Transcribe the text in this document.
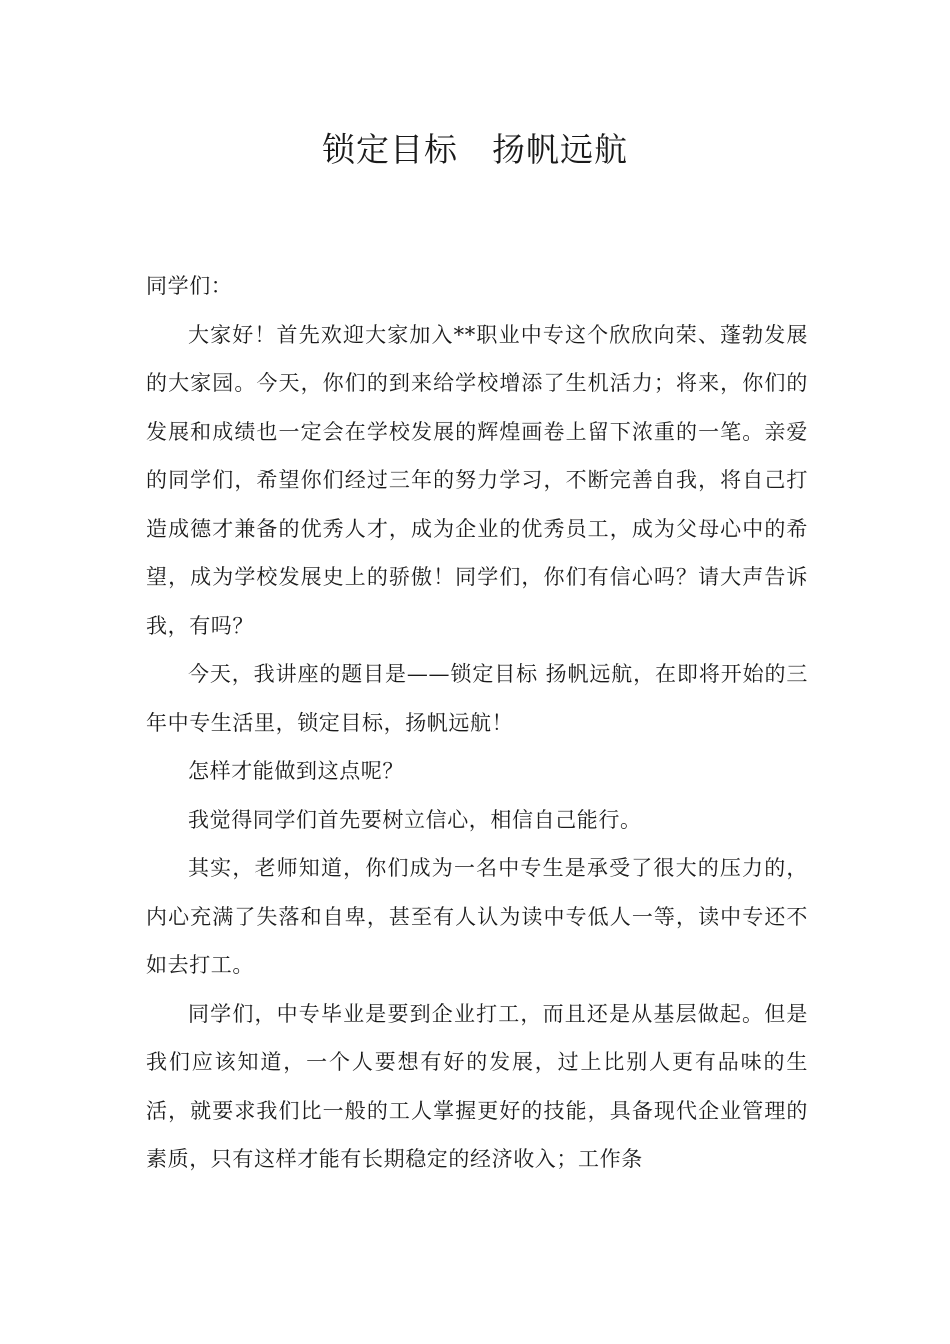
锁定目标　扬帆远航

同学们：

大家好！首先欢迎大家加入**职业中专这个欣欣向荣、蓬勃发展的大家园。今天，你们的到来给学校增添了生机活力；将来，你们的发展和成绩也一定会在学校发展的辉煌画卷上留下浓重的一笔。亲爱的同学们，希望你们经过三年的努力学习，不断完善自我，将自己打造成德才兼备的优秀人才，成为企业的优秀员工，成为父母心中的希望，成为学校发展史上的骄傲！同学们，你们有信心吗？请大声告诉我，有吗？

今天，我讲座的题目是——锁定目标 扬帆远航，在即将开始的三年中专生活里，锁定目标，扬帆远航！

怎样才能做到这点呢？

我觉得同学们首先要树立信心，相信自己能行。

其实，老师知道，你们成为一名中专生是承受了很大的压力的，内心充满了失落和自卑，甚至有人认为读中专低人一等，读中专还不如去打工。

同学们，中专毕业是要到企业打工，而且还是从基层做起。但是我们应该知道，一个人要想有好的发展，过上比别人更有品味的生活，就要求我们比一般的工人掌握更好的技能，具备现代企业管理的素质，只有这样才能有长期稳定的经济收入；工作条
